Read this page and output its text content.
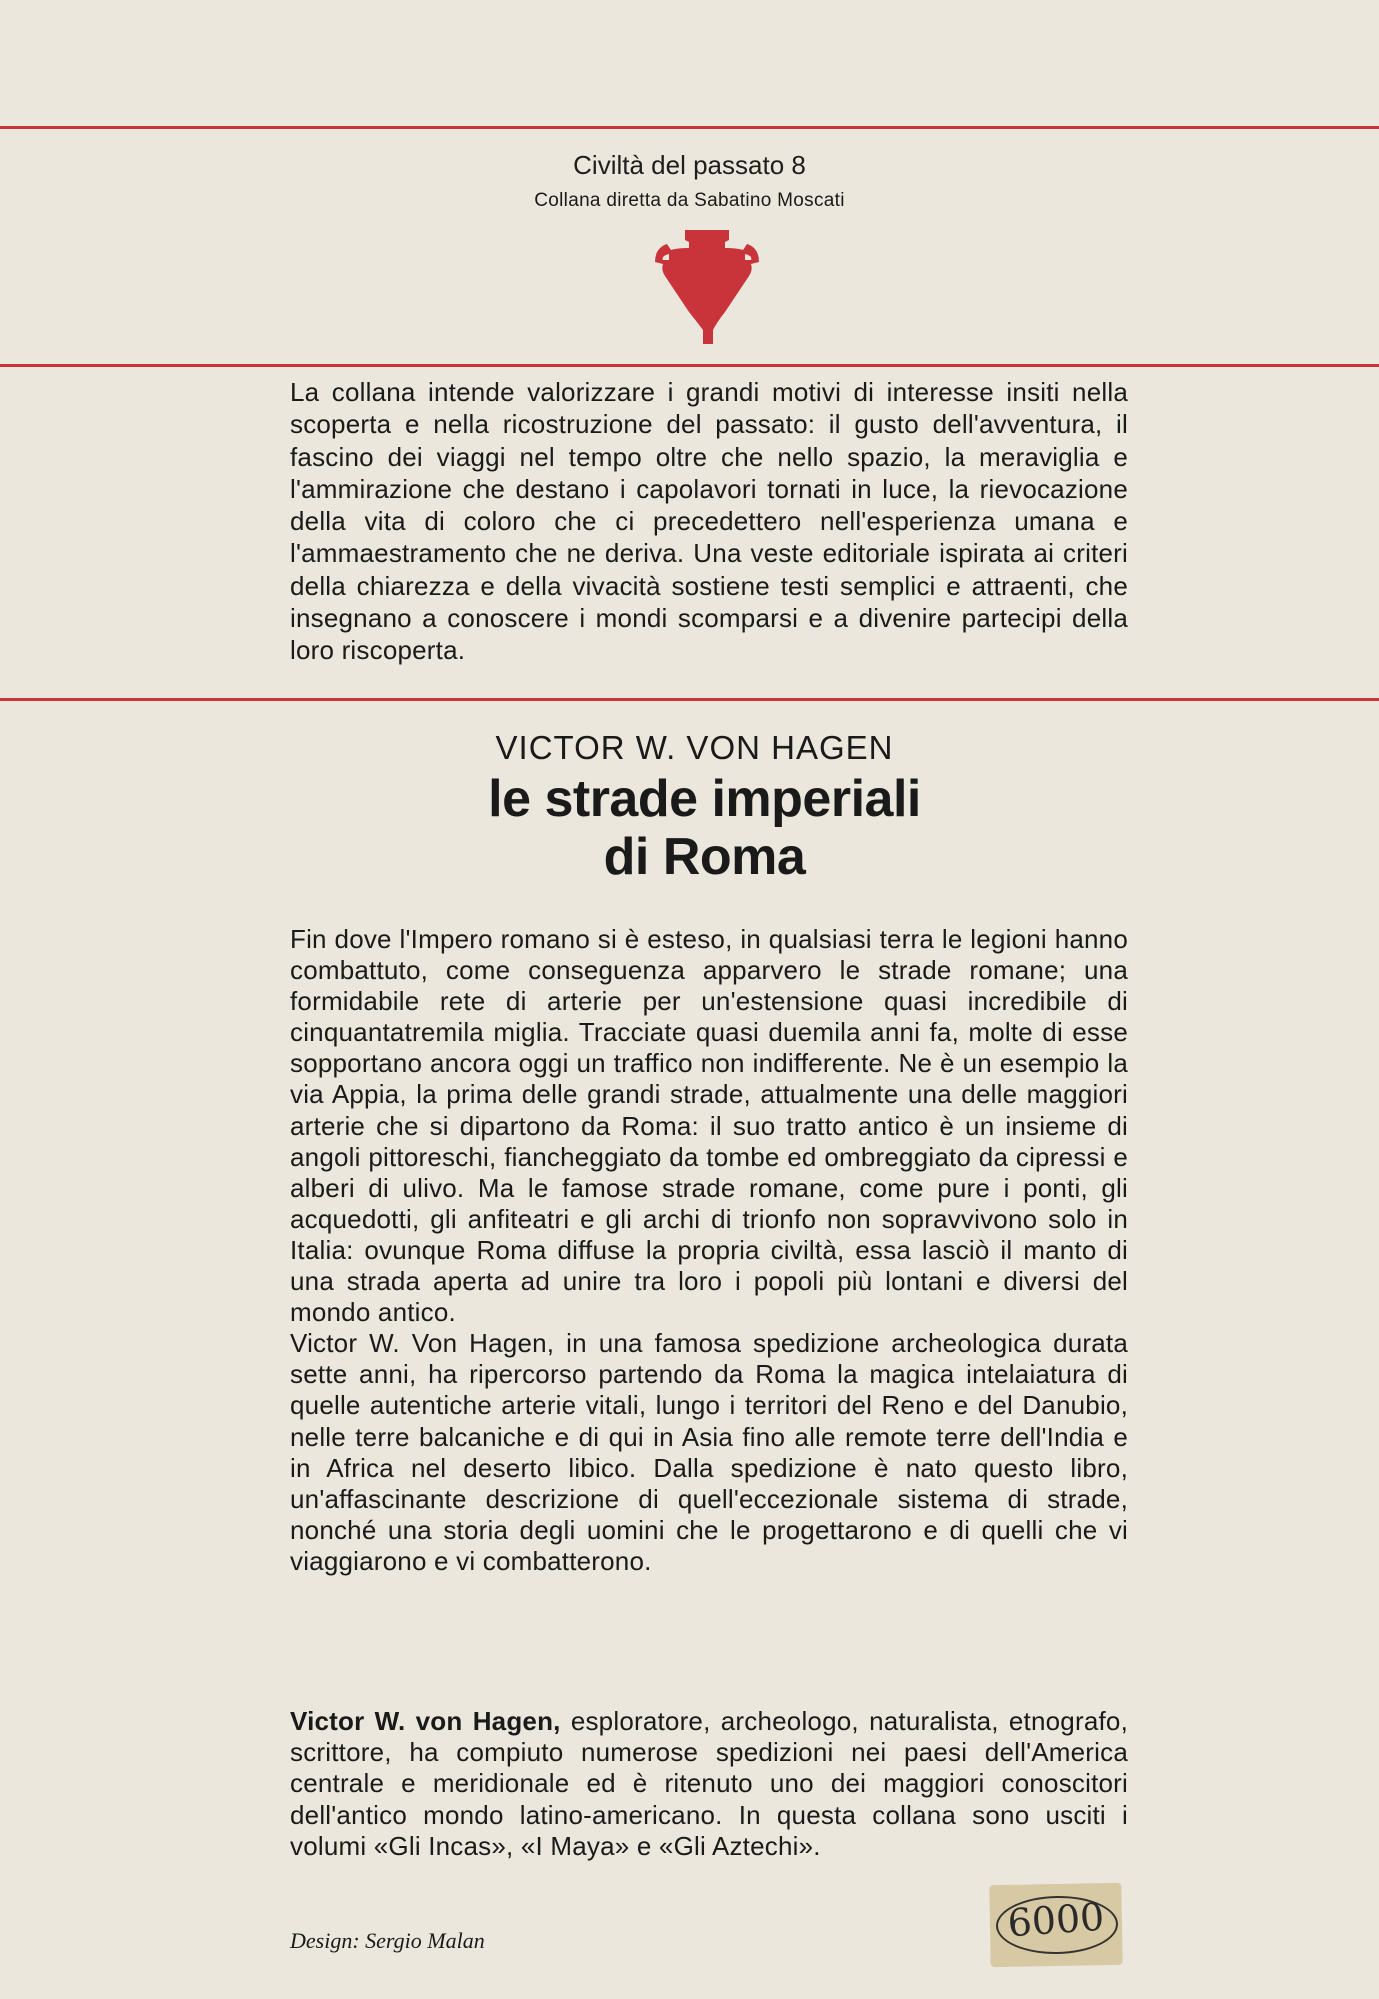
Civiltà del passato 8
Collana diretta da Sabatino Moscati
La collana intende valorizzare i grandi motivi di interesse insiti nella scoperta e nella ricostruzione del passato: il gusto dell'avventura, il fascino dei viaggi nel tempo oltre che nello spazio, la meraviglia e l'ammirazione che destano i capolavori tornati in luce, la rievocazione della vita di coloro che ci precedettero nell'esperienza umana e l'ammaestramento che ne deriva. Una veste editoriale ispirata ai criteri della chiarezza e della vivacità sostiene testi semplici e attraenti, che insegnano a conoscere i mondi scomparsi e a divenire partecipi della loro riscoperta.
VICTOR W. VON HAGEN
le strade imperiali
di Roma

Fin dove l'Impero romano si è esteso, in qualsiasi terra le legioni hanno combattuto, come conseguenza apparvero le strade romane; una formidabile rete di arterie per un'estensione quasi incredibile di cinquantatremila miglia. Tracciate quasi duemila anni fa, molte di esse sopportano ancora oggi un traffico non indifferente. Ne è un esempio la via Appia, la prima delle grandi strade, attualmente una delle maggiori arterie che si dipartono da Roma: il suo tratto antico è un insieme di angoli pittoreschi, fiancheggiato da tombe ed ombreggiato da cipressi e alberi di ulivo. Ma le famose strade romane, come pure i ponti, gli acquedotti, gli anfiteatri e gli archi di trionfo non sopravvivono solo in Italia: ovunque Roma diffuse la propria civiltà, essa lasciò il manto di una strada aperta ad unire tra loro i popoli più lontani e diversi del mondo antico.

Victor W. Von Hagen, in una famosa spedizione archeologica durata sette anni, ha ripercorso partendo da Roma la magica intelaiatura di quelle autentiche arterie vitali, lungo i territori del Reno e del Danubio, nelle terre balcaniche e di qui in Asia fino alle remote terre dell'India e in Africa nel deserto libico. Dalla spedizione è nato questo libro, un'affascinante descrizione di quell'eccezionale sistema di strade, nonché una storia degli uomini che le progettarono e di quelli che vi viaggiarono e vi combatterono.

Victor W. von Hagen, esploratore, archeologo, naturalista, etnografo, scrittore, ha compiuto numerose spedizioni nei paesi dell'America centrale e meridionale ed è ritenuto uno dei maggiori conoscitori dell'antico mondo latino-americano. In questa collana sono usciti i volumi «Gli Incas», «I Maya» e «Gli Aztechi».
Design: Sergio Malan	6000
